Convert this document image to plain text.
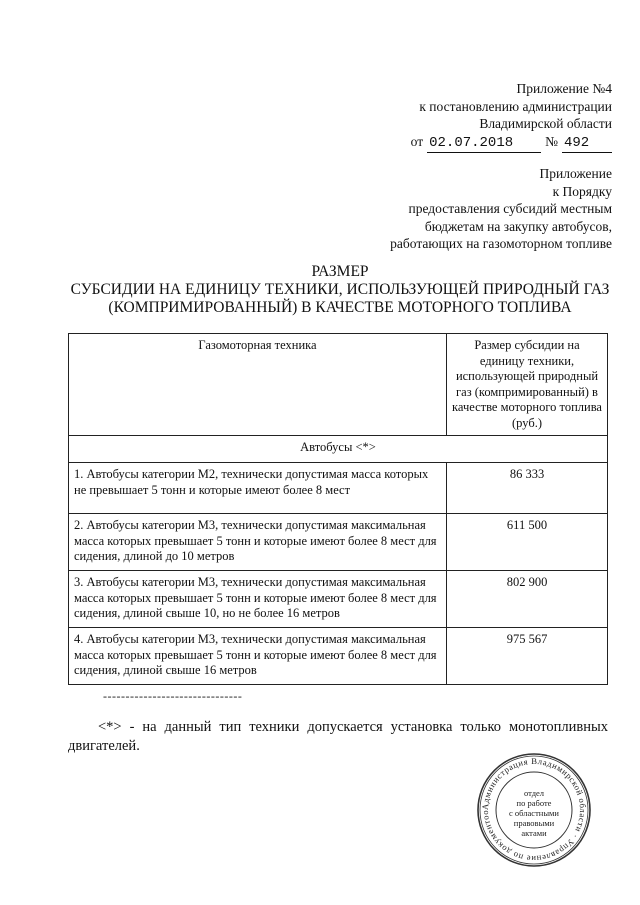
Приложение №4
к постановлению администрации
Владимирской области
от 02.07.2018	№ 492
Приложение
к Порядку
предоставления субсидий местным
бюджетам на закупку автобусов,
работающих на газомоторном топливе
РАЗМЕР
СУБСИДИИ НА ЕДИНИЦУ ТЕХНИКИ, ИСПОЛЬЗУЮЩЕЙ ПРИРОДНЫЙ ГАЗ
(КОМПРИМИРОВАННЫЙ) В КАЧЕСТВЕ МОТОРНОГО ТОПЛИВА
Газомоторная техника	Размер субсидии на единицу техники, использующей природный газ (компримированный) в качестве моторного топлива (руб.)
Автобусы <*>	
1. Автобусы категории М2, технически допустимая масса которых не превышает 5 тонн и которые имеют более 8 мест	86 333
2. Автобусы категории М3, технически допустимая максимальная масса которых превышает 5 тонн и которые имеют более 8 мест для сидения, длиной до 10 метров	611 500
3. Автобусы категории М3, технически допустимая максимальная масса которых превышает 5 тонн и которые имеют более 8 мест для сидения, длиной свыше 10, но не более 16 метров	802 900
4. Автобусы категории М3, технически допустимая максимальная масса которых превышает 5 тонн и которые имеют более 8 мест для сидения, длиной свыше 16 метров	975 567
-------------------------------
<*> - на данный тип техники допускается установка только монотопливных двигателей.
Администрация Владимирской области · Управление по документоо
отдел
по работе
с областными
правовыми
актами
